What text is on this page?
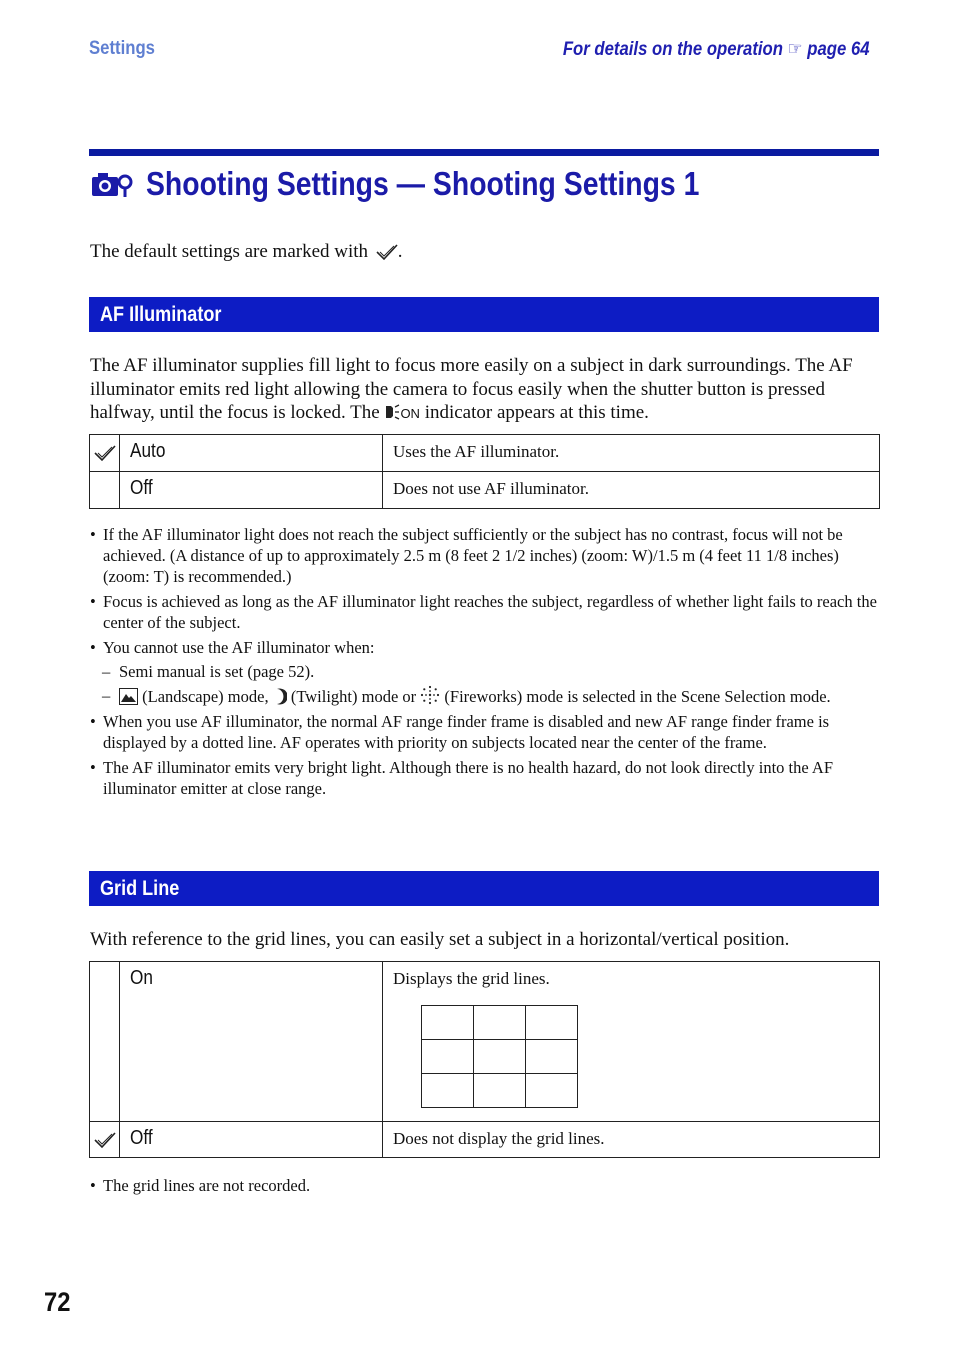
Settings	For details on the operation ☞ page 64
Shooting Settings — Shooting Settings 1
The default settings are marked with .
AF Illuminator
The AF illuminator supplies fill light to focus more easily on a subject in dark surroundings. The AF illuminator emits red light allowing the camera to focus easily when the shutter button is pressed halfway, until the focus is locked. The ON indicator appears at this time.
	Auto	Uses the AF illuminator.

	Off	Does not use AF illuminator.
• If the AF illuminator light does not reach the subject sufficiently or the subject has no contrast, focus will not be achieved. (A distance of up to approximately 2.5 m (8 feet 2 1/2 inches) (zoom: W)/1.5 m (4 feet 11 1/8 inches) (zoom: T) is recommended.)
• Focus is achieved as long as the AF illuminator light reaches the subject, regardless of whether light fails to reach the center of the subject.
• You cannot use the AF illuminator when:
– Semi manual is set (page 52).
– (Landscape) mode, (Twilight) mode or (Fireworks) mode is selected in the Scene Selection mode.
• When you use AF illuminator, the normal AF range finder frame is disabled and new AF range finder frame is displayed by a dotted line. AF operates with priority on subjects located near the center of the frame.
• The AF illuminator emits very bright light. Although there is no health hazard, do not look directly into the AF illuminator emitter at close range.
Grid Line
With reference to the grid lines, you can easily set a subject in a horizontal/vertical position.
	On	Displays the grid lines.

	Off	Does not display the grid lines.
• The grid lines are not recorded.
72
